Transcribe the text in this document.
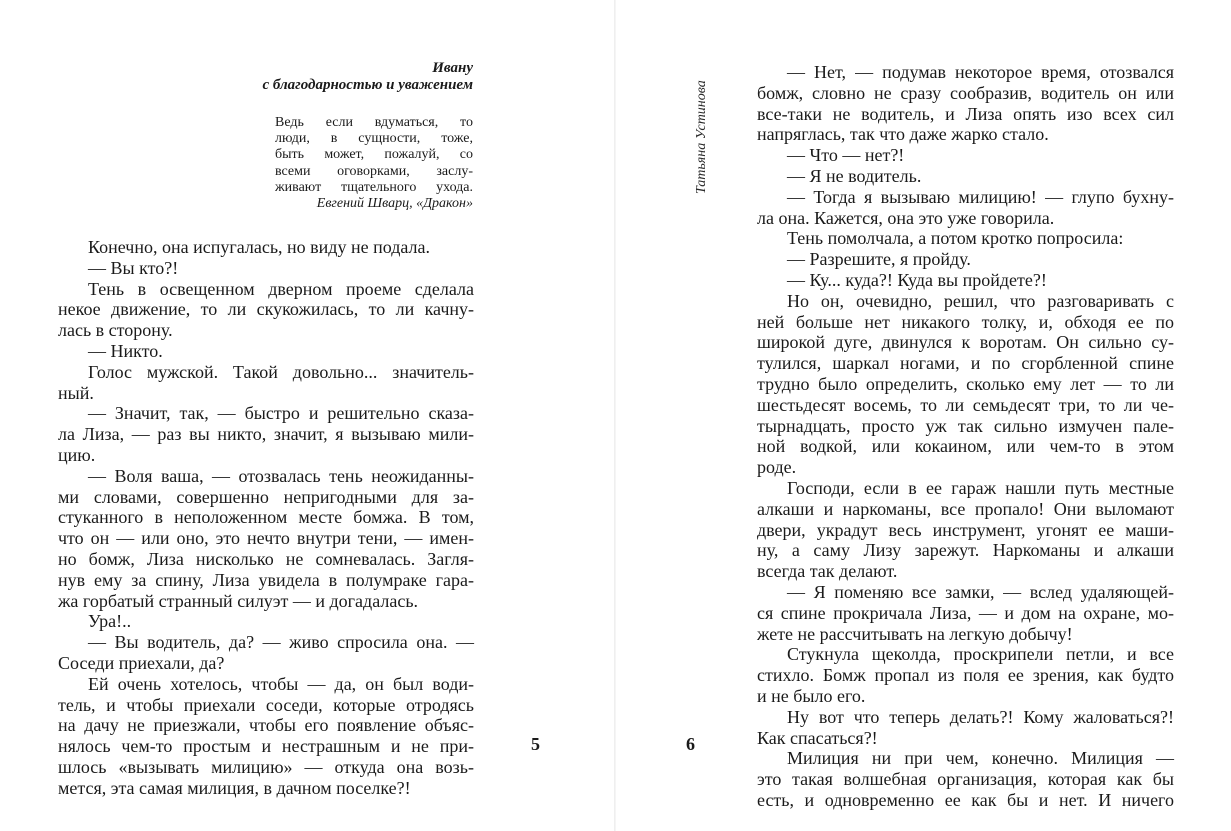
Ивану
с благодарностью и уважением
Ведь если вдуматься, то
люди, в сущности, тоже,
быть может, пожалуй, со
всеми оговорками, заслу-
живают тщательного ухода.
Евгений Шварц, «Дракон»
Конечно, она испугалась, но виду не подала.
— Вы кто?!
Тень в освещенном дверном проеме сделала
некое движение, то ли скукожилась, то ли качну-
лась в сторону.
— Никто.
Голос мужской. Такой довольно... значитель-
ный.
— Значит, так, — быстро и решительно сказа-
ла Лиза, — раз вы никто, значит, я вызываю мили-
цию.
— Воля ваша, — отозвалась тень неожиданны-
ми словами, совершенно непригодными для за-
стуканного в неположенном месте бомжа. В том,
что он — или оно, это нечто внутри тени, — имен-
но бомж, Лиза нисколько не сомневалась. Загля-
нув ему за спину, Лиза увидела в полумраке гара-
жа горбатый странный силуэт — и догадалась.
Ура!..
— Вы водитель, да? — живо спросила она. —
Соседи приехали, да?
Ей очень хотелось, чтобы — да, он был води-
тель, и чтобы приехали соседи, которые отродясь
на дачу не приезжали, чтобы его появление объяс-
нялось чем-то простым и нестрашным и не при-
шлось «вызывать милицию» — откуда она возь-
мется, эта самая милиция, в дачном поселке?!
5
Татьяна Устинова
— Нет, — подумав некоторое время, отозвался
бомж, словно не сразу сообразив, водитель он или
все-таки не водитель, и Лиза опять изо всех сил
напряглась, так что даже жарко стало.
— Что — нет?!
— Я не водитель.
— Тогда я вызываю милицию! — глупо бухну-
ла она. Кажется, она это уже говорила.
Тень помолчала, а потом кротко попросила:
— Разрешите, я пройду.
— Ку... куда?! Куда вы пройдете?!
Но он, очевидно, решил, что разговаривать с
ней больше нет никакого толку, и, обходя ее по
широкой дуге, двинулся к воротам. Он сильно су-
тулился, шаркал ногами, и по сгорбленной спине
трудно было определить, сколько ему лет — то ли
шестьдесят восемь, то ли семьдесят три, то ли че-
тырнадцать, просто уж так сильно измучен пале-
ной водкой, или кокаином, или чем-то в этом
роде.
Господи, если в ее гараж нашли путь местные
алкаши и наркоманы, все пропало! Они выломают
двери, украдут весь инструмент, угонят ее маши-
ну, а саму Лизу зарежут. Наркоманы и алкаши
всегда так делают.
— Я поменяю все замки, — вслед удаляющей-
ся спине прокричала Лиза, — и дом на охране, мо-
жете не рассчитывать на легкую добычу!
Стукнула щеколда, проскрипели петли, и все
стихло. Бомж пропал из поля ее зрения, как будто
и не было его.
Ну вот что теперь делать?! Кому жаловаться?!
Как спасаться?!
Милиция ни при чем, конечно. Милиция —
это такая волшебная организация, которая как бы
есть, и одновременно ее как бы и нет. И ничего
6
